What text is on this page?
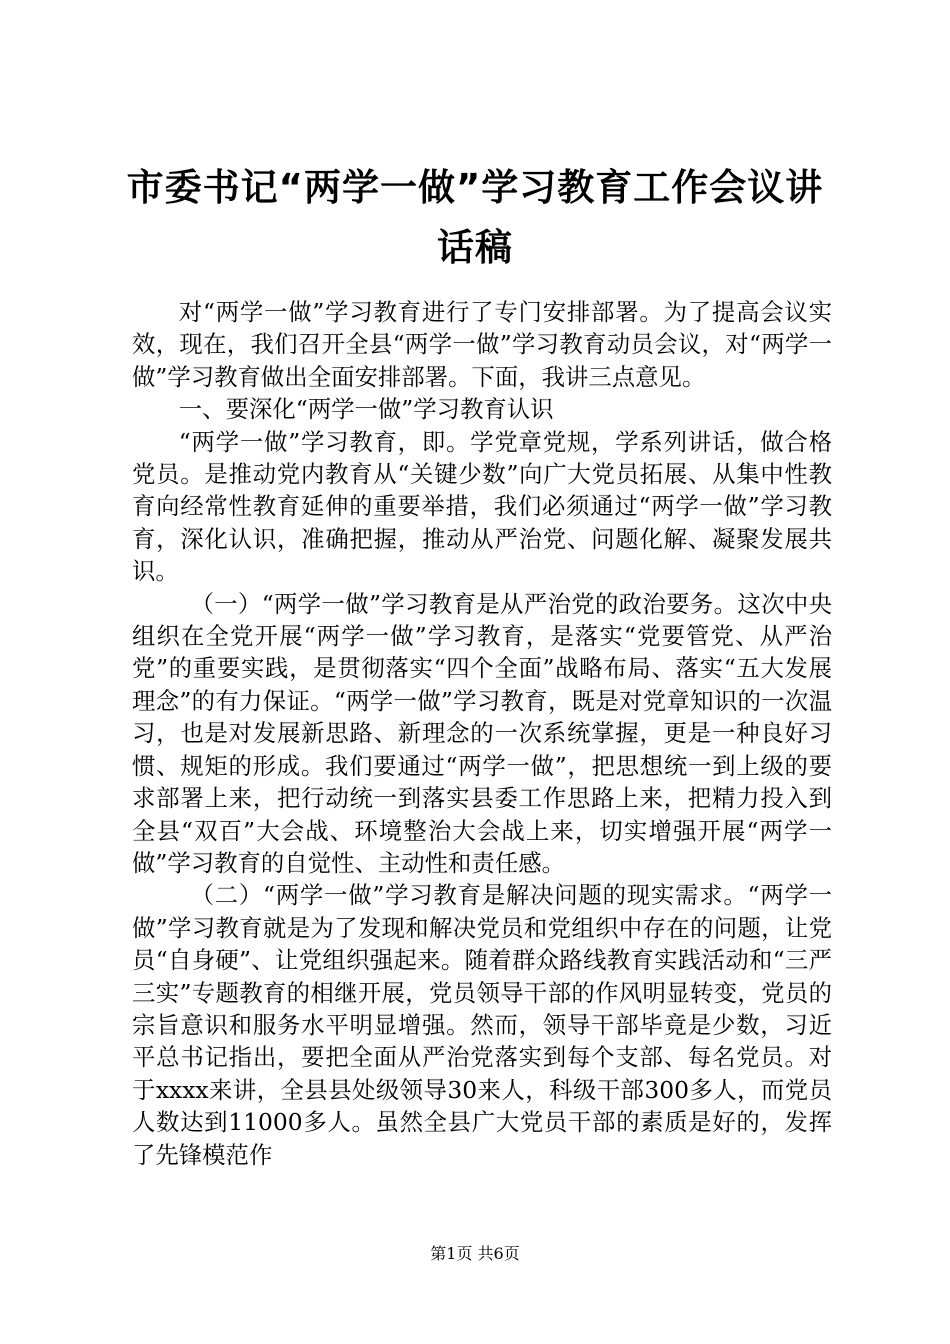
市委书记“两学一做”学习教育工作会议讲话稿

对“两学一做”学习教育进行了专门安排部署。为了提高会议实效，现在，我们召开全县“两学一做”学习教育动员会议，对“两学一做”学习教育做出全面安排部署。下面，我讲三点意见。

一、要深化“两学一做”学习教育认识

“两学一做”学习教育，即。学党章党规，学系列讲话，做合格党员。是推动党内教育从“关键少数”向广大党员拓展、从集中性教育向经常性教育延伸的重要举措，我们必须通过“两学一做”学习教育，深化认识，准确把握，推动从严治党、问题化解、凝聚发展共识。

（一）“两学一做”学习教育是从严治党的政治要务。这次中央组织在全党开展“两学一做”学习教育，是落实“党要管党、从严治党”的重要实践，是贯彻落实“四个全面”战略布局、落实“五大发展理念”的有力保证。“两学一做”学习教育，既是对党章知识的一次温习，也是对发展新思路、新理念的一次系统掌握，更是一种良好习惯、规矩的形成。我们要通过“两学一做”，把思想统一到上级的要求部署上来，把行动统一到落实县委工作思路上来，把精力投入到全县“双百”大会战、环境整治大会战上来，切实增强开展“两学一做”学习教育的自觉性、主动性和责任感。

（二）“两学一做”学习教育是解决问题的现实需求。“两学一做”学习教育就是为了发现和解决党员和党组织中存在的问题，让党员“自身硬”、让党组织强起来。随着群众路线教育实践活动和“三严三实”专题教育的相继开展，党员领导干部的作风明显转变，党员的宗旨意识和服务水平明显增强。然而，领导干部毕竟是少数，习近平总书记指出，要把全面从严治党落实到每个支部、每名党员。对于xxxx来讲，全县县处级领导30来人，科级干部300多人，而党员人数达到11000多人。虽然全县广大党员干部的素质是好的，发挥了先锋模范作

第1页 共6页
